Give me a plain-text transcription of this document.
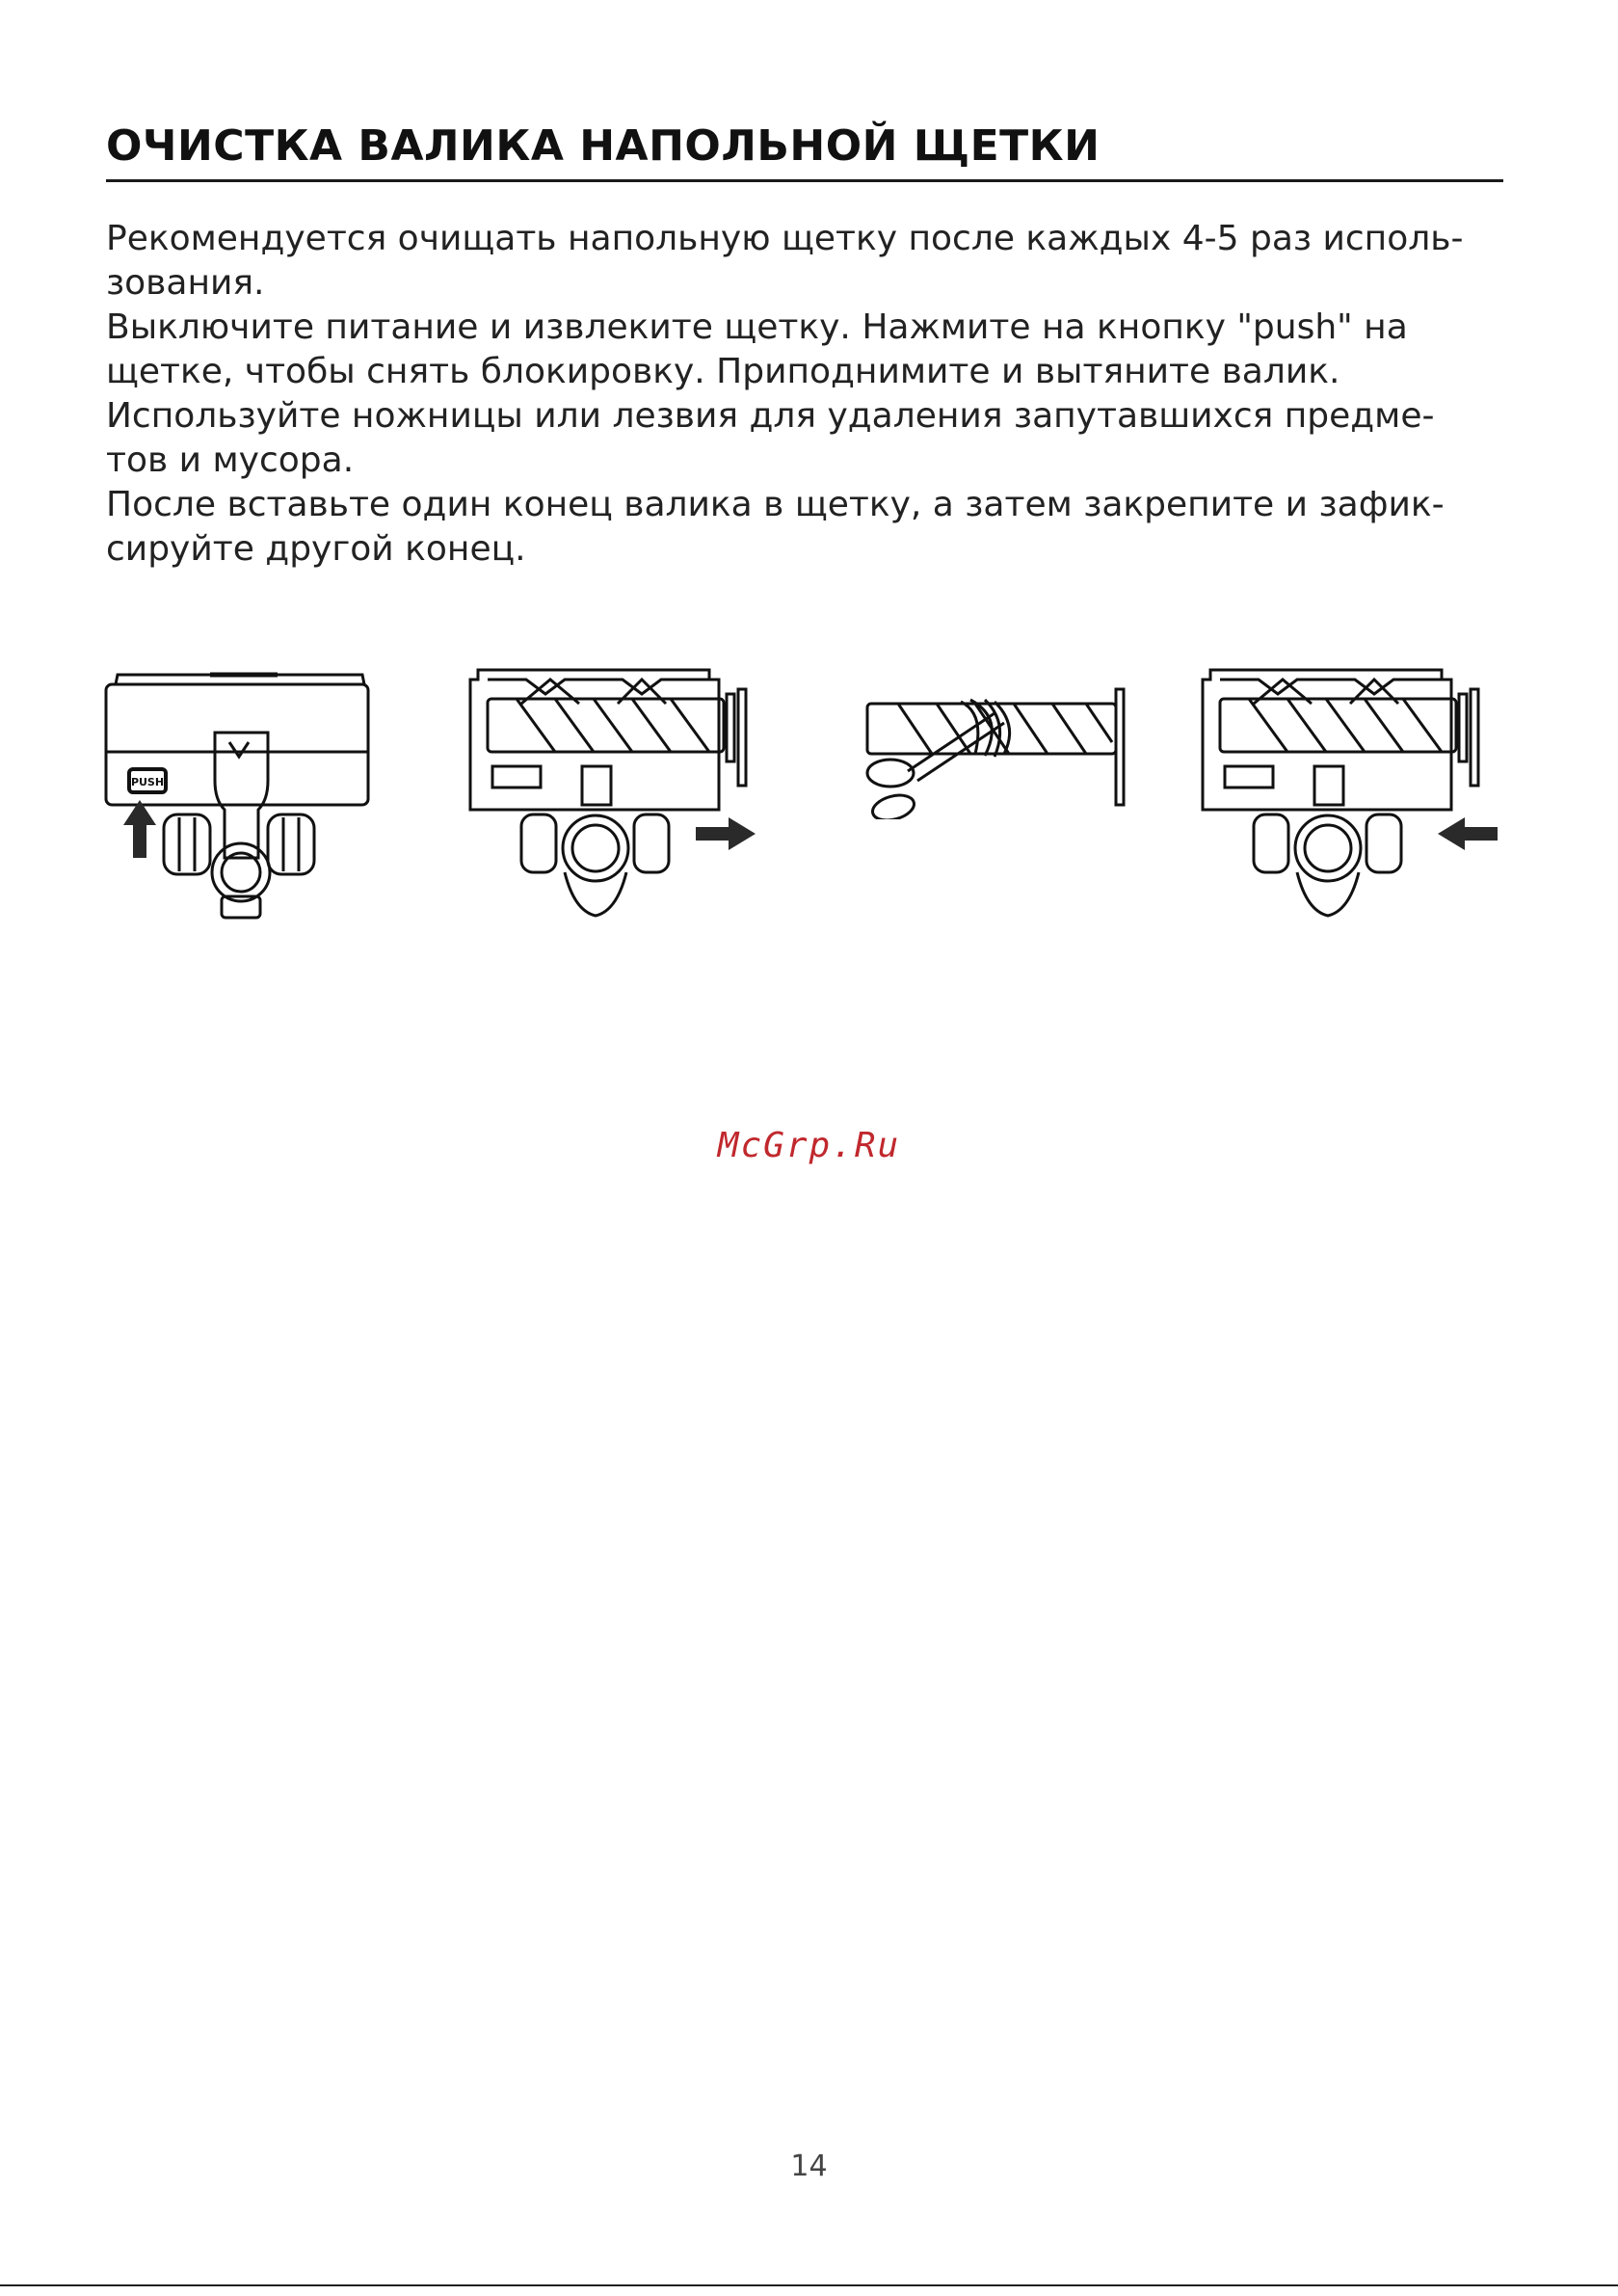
ОЧИСТКА ВАЛИКА НАПОЛЬНОЙ ЩЕТКИ
Рекомендуется очищать напольную щетку после каждых 4-5 раз исполь-
зования.
Выключите питание и извлеките щетку. Нажмите на кнопку "push" на
щетке, чтобы снять блокировку. Приподнимите и вытяните валик.
Используйте ножницы или лезвия для удаления запутавшихся предме-
тов и мусора.
После вставьте один конец валика в щетку, а затем закрепите и зафик-
сируйте другой конец.
PUSH
McGrp.Ru
14
